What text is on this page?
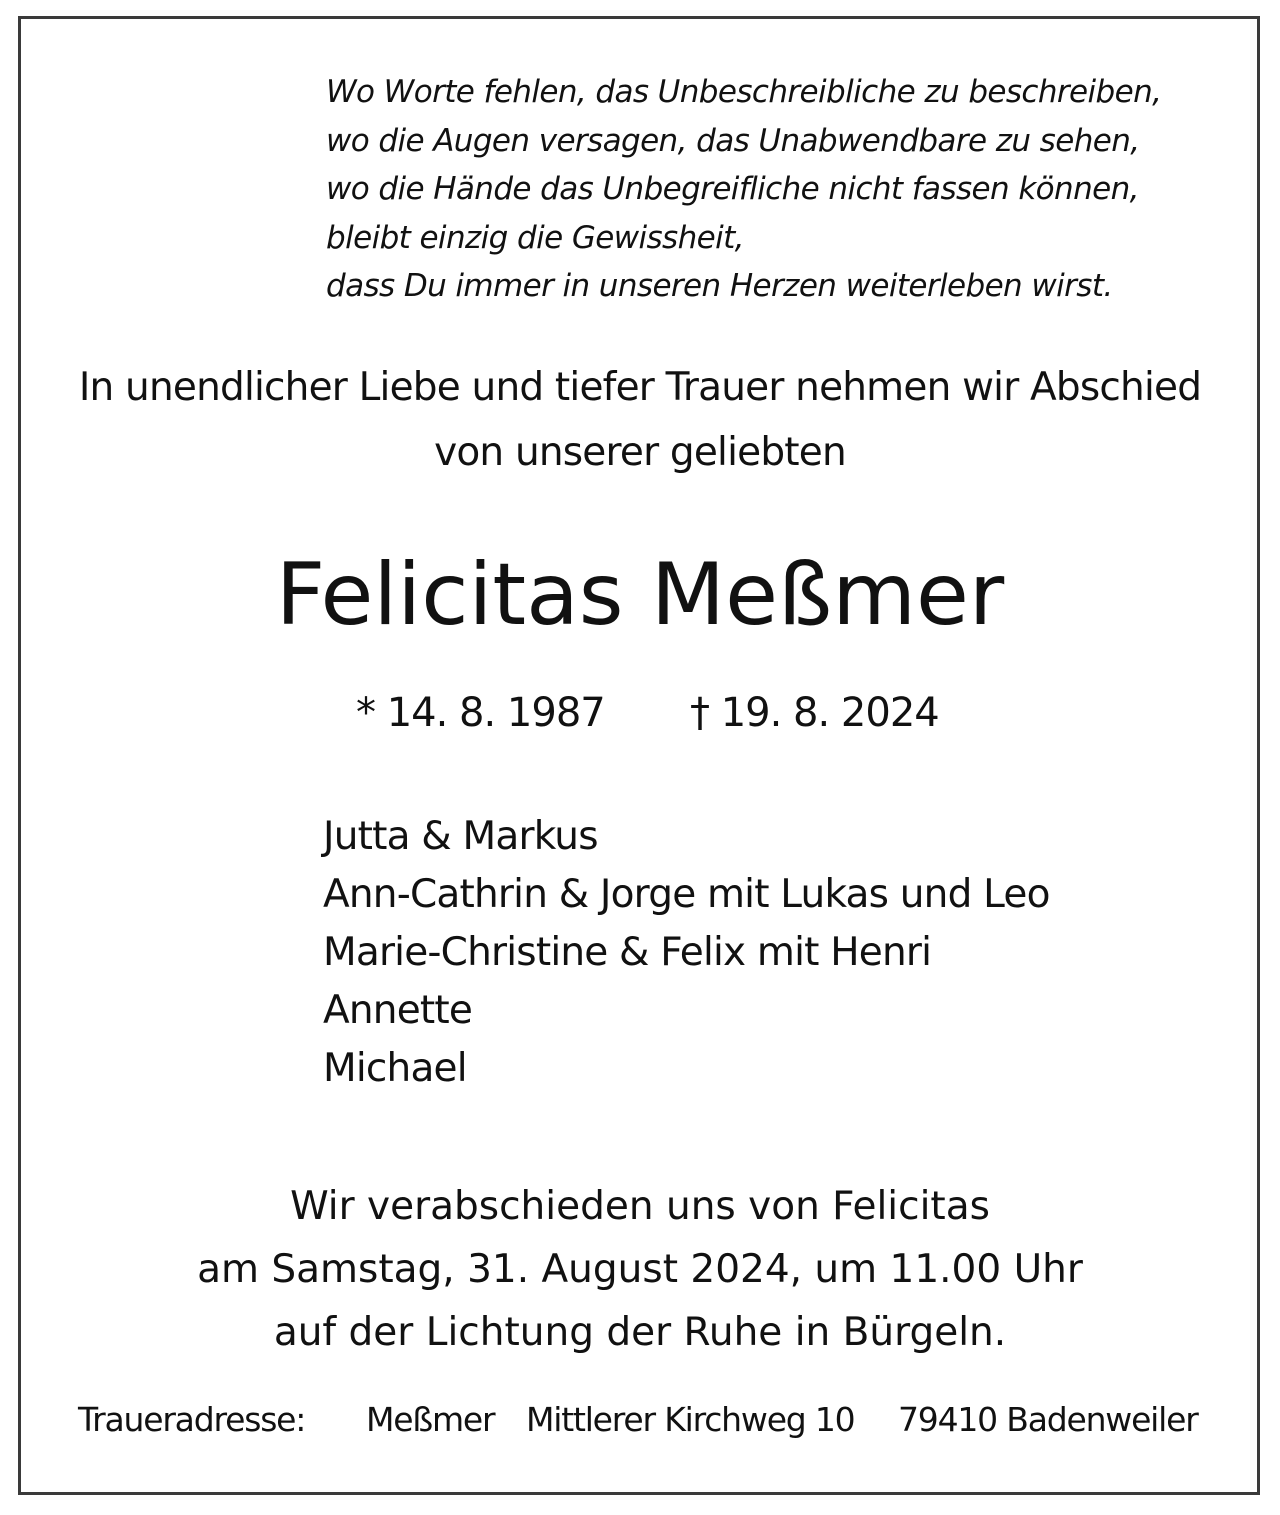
Wo Worte fehlen, das Unbeschreibliche zu beschreiben,
wo die Augen versagen, das Unabwendbare zu sehen,
wo die Hände das Unbegreifliche nicht fassen können,
bleibt einzig die Gewissheit,
dass Du immer in unseren Herzen weiterleben wirst.
In unendlicher Liebe und tiefer Trauer nehmen wir Abschied
von unserer geliebten
Felicitas Meßmer
* 14. 8. 1987 † 19. 8. 2024
Jutta & Markus
Ann-Cathrin & Jorge mit Lukas und Leo
Marie-Christine & Felix mit Henri
Annette
Michael
Wir verabschieden uns von Felicitas
am Samstag, 31. August 2024, um 11.00 Uhr
auf der Lichtung der Ruhe in Bürgeln.
Traueradresse: Meßmer Mittlerer Kirchweg 10 79410 Badenweiler
